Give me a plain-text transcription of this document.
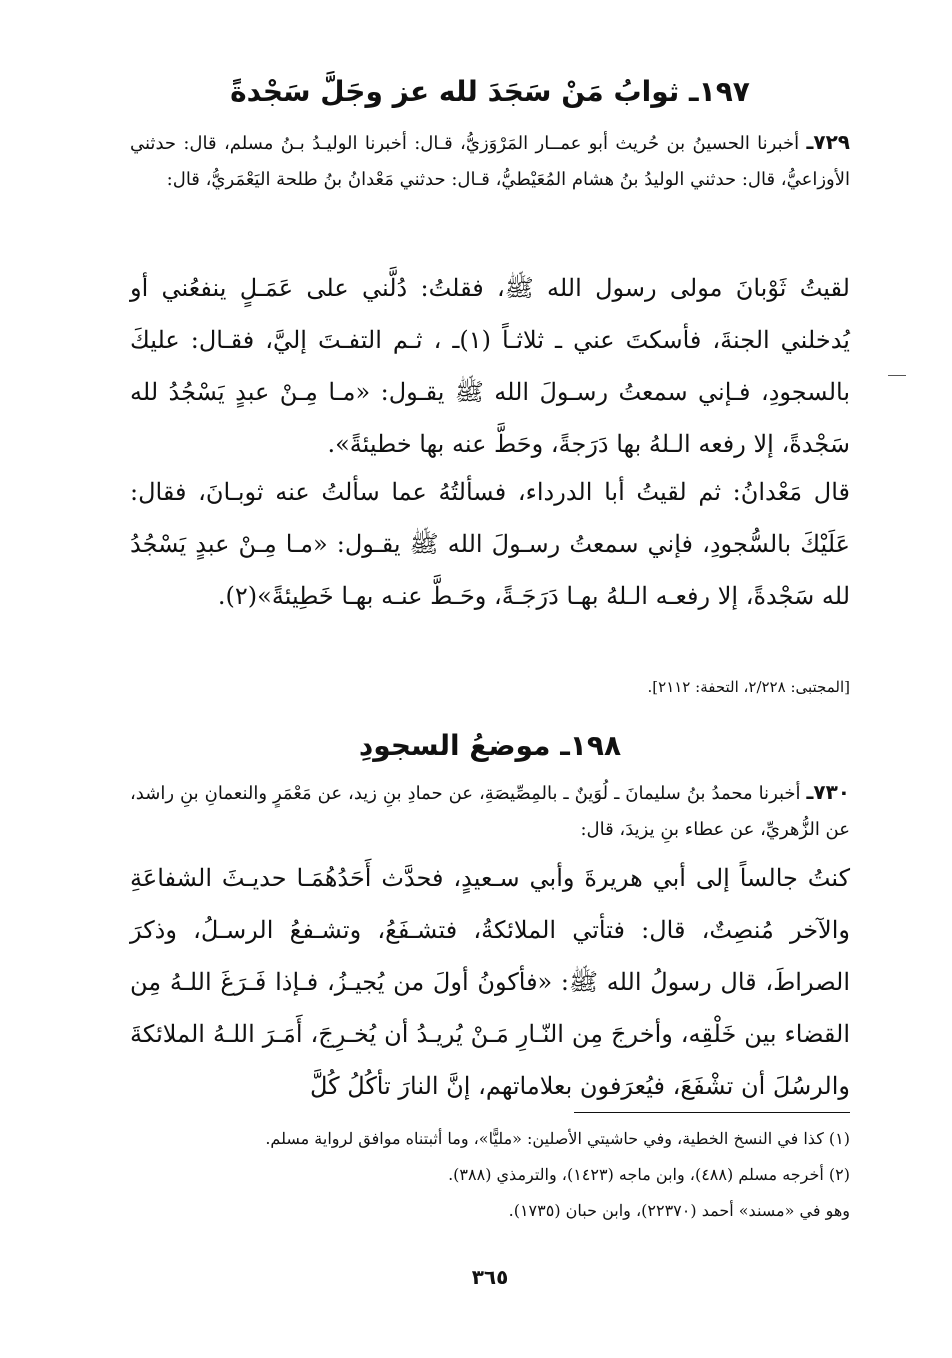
١٩٧ـ ثوابُ مَنْ سَجَدَ لله عز وجَلَّ سَجْدةً
٧٢٩ـ أخبرنا الحسينُ بن حُريث أبو عمــار المَرْوَزيُّ، قـال: أخبرنا الوليـدُ بـنُ مسلم، قال: حدثني الأوزاعيُّ، قال: حدثني الوليدُ بنُ هشام المُعَيْطيُّ، قـال: حدثني مَعْدانُ بنُ طلحة اليَعْمَريُّ، قال:
لقيتُ ثَوْبانَ مولى رسول الله ﷺ، فقلتُ: دُلَّني على عَمَـلٍ ينفعُني أو يُدخلني الجنةَ، فأسكتَ عني ـ ثلاثـاً (١)ـ ، ثـم التفـتَ إليَّ، فقـال: عليكَ بالسجودِ، فـإني سمعتُ رسـولَ الله ﷺ يقـول: «مـا مِـنْ عبدٍ يَسْجُدُ لله سَجْدةً، إلا رفعه الـلهُ بها دَرَجةً، وحَطَّ عنه بها خطيئةً».
قال مَعْدانُ: ثم لقيتُ أبا الدرداء، فسألتُهُ عما سألتُ عنه ثوبـانَ، فقال: عَلَيْكَ بالسُّجودِ، فإني سمعتُ رسـولَ الله ﷺ يقـول: «مـا مِـنْ عبدٍ يَسْجُدُ لله سَجْدةً، إلا رفعـه الـلهُ بهـا دَرَجَـةً، وحَـطَّ عنـه بهـا خَطِيئةً»(٢).
[المجتبى: ٢/٢٢٨، التحفة: ٢١١٢].
١٩٨ـ موضعُ السجودِ
٧٣٠ـ أخبرنا محمدُ بنُ سليمانَ ـ لُوَينٌ ـ بالمِصِّيصَةِ، عن حمادِ بنِ زيد، عن مَعْمَرٍ والنعمانِ بنِ راشد، عن الزُّهريِّ، عن عطاء بنِ يزيدَ، قال:
كنتُ جالساً إلى أبي هريرةَ وأبي سـعيدٍ، فحدَّث أَحَدُهُمَـا حديـثَ الشفاعَةِ والآخر مُنصِتٌ، قال: فتأتي الملائكةُ، فتشـفَعُ، وتشـفعُ الرسـلُ، وذكرَ الصراطَ، قال رسولُ الله ﷺ: «فأكونُ أولَ من يُجيـزُ، فـإذا فَـرَغَ اللـهُ مِن القضاء بين خَلْقِه، وأخرجَ مِن النّـارِ مَـنْ يُريـدُ أن يُخـرِجَ، أَمَـرَ اللـهُ الملائكةَ والرسُلَ أن تشْفَعَ، فيُعرَفون بعلاماتهم، إنَّ النارَ تأكُلُ كُلَّ
(١) كذا في النسخ الخطية، وفي حاشيتي الأصلين: «مليًّا»، وما أثبتناه موافق لرواية مسلم.
(٢) أخرجه مسلم (٤٨٨)، وابن ماجه (١٤٢٣)، والترمذي (٣٨٨).
وهو في «مسند» أحمد (٢٢٣٧٠)، وابن حبان (١٧٣٥).
٣٦٥
